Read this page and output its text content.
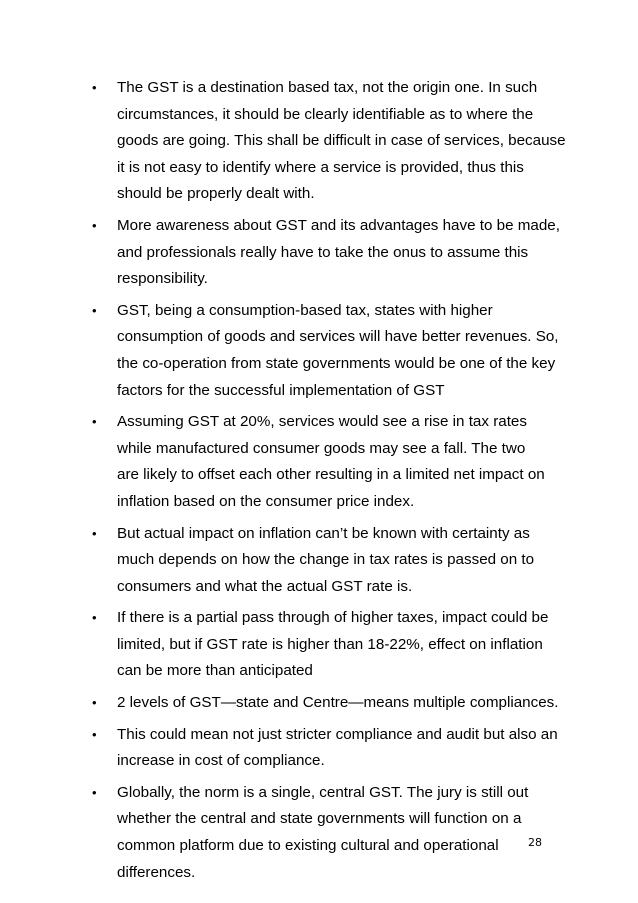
• The GST is a destination based tax, not the origin one. In such
circumstances, it should be clearly identifiable as to where the
goods are going. This shall be difficult in case of services, because
it is not easy to identify where a service is provided, thus this
should be properly dealt with.
• More awareness about GST and its advantages have to be made,
and professionals really have to take the onus to assume this
responsibility.
• GST, being a consumption-based tax, states with higher
consumption of goods and services will have better revenues. So,
the co-operation from state governments would be one of the key
factors for the successful implementation of GST
• Assuming GST at 20%, services would see a rise in tax rates
while manufactured consumer goods may see a fall. The two
are likely to offset each other resulting in a limited net impact on
inflation based on the consumer price index.
• But actual impact on inflation can’t be known with certainty as
much depends on how the change in tax rates is passed on to
consumers and what the actual GST rate is.
• If there is a partial pass through of higher taxes, impact could be
limited, but if GST rate is higher than 18-22%, effect on inflation
can be more than anticipated
• 2 levels of GST—state and Centre—means multiple compliances.
• This could mean not just stricter compliance and audit but also an
increase in cost of compliance.
• Globally, the norm is a single, central GST. The jury is still out
whether the central and state governments will function on a
common platform due to existing cultural and operational
differences.
28
